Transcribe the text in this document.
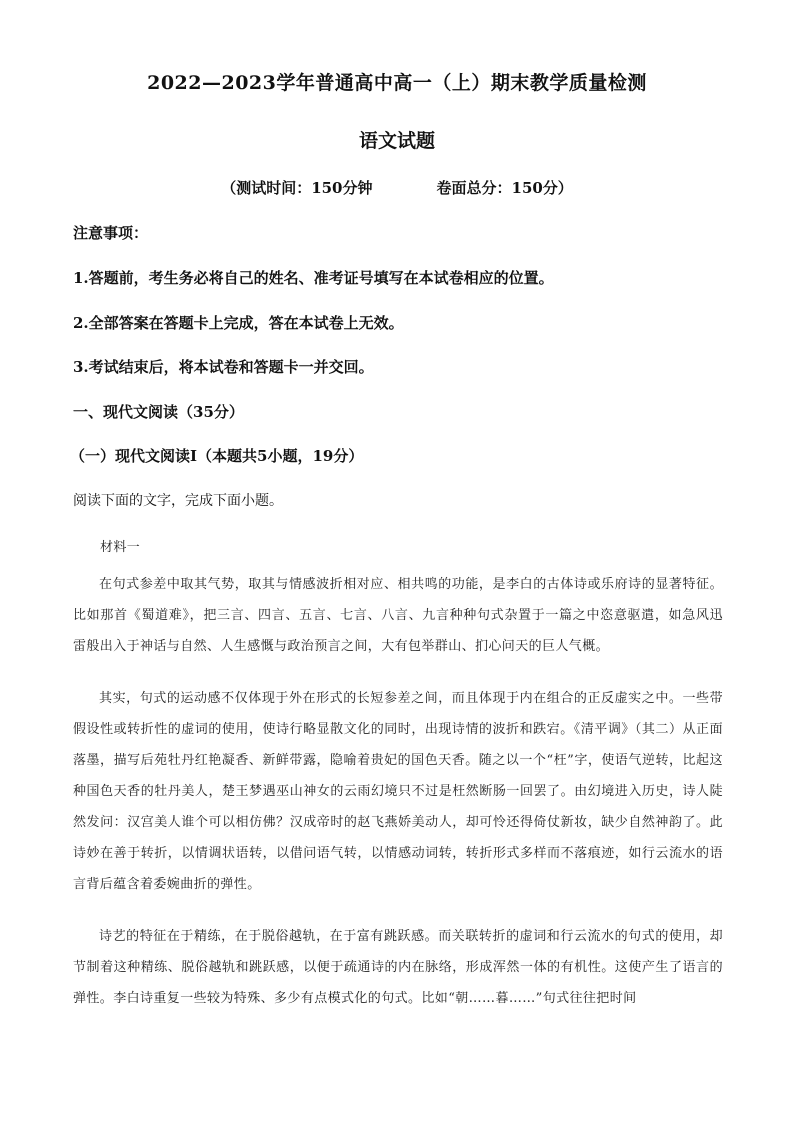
2022—2023学年普通高中高一（上）期末教学质量检测
语文试题
（测试时间：150分钟	卷面总分：150分）
注意事项：
1.答题前，考生务必将自己的姓名、准考证号填写在本试卷相应的位置。
2.全部答案在答题卡上完成，答在本试卷上无效。
3.考试结束后，将本试卷和答题卡一并交回。
一、现代文阅读（35分）
（一）现代文阅读Ⅰ（本题共5小题，19分）
阅读下面的文字，完成下面小题。
材料一

在句式参差中取其气势，取其与情感波折相对应、相共鸣的功能，是李白的古体诗或乐府诗的显著特征。比如那首《蜀道难》，把三言、四言、五言、七言、八言、九言种种句式杂置于一篇之中恣意驱遣，如急风迅雷般出入于神话与自然、人生感慨与政治预言之间，大有包举群山、扪心问天的巨人气概。

其实，句式的运动感不仅体现于外在形式的长短参差之间，而且体现于内在组合的正反虚实之中。一些带假设性或转折性的虚词的使用，使诗行略显散文化的同时，出现诗情的波折和跌宕。《清平调》（其二）从正面落墨，描写后苑牡丹红艳凝香、新鲜带露，隐喻着贵妃的国色天香。随之以一个“枉”字，使语气逆转，比起这种国色天香的牡丹美人，楚王梦遇巫山神女的云雨幻境只不过是枉然断肠一回罢了。由幻境进入历史，诗人陡然发问：汉宫美人谁个可以相仿佛？汉成帝时的赵飞燕娇美动人，却可怜还得倚仗新妆，缺少自然神韵了。此诗妙在善于转折，以情调状语转，以借问语气转，以情感动词转，转折形式多样而不落痕迹，如行云流水的语言背后蕴含着委婉曲折的弹性。

诗艺的特征在于精练，在于脱俗越轨，在于富有跳跃感。而关联转折的虚词和行云流水的句式的使用，却节制着这种精练、脱俗越轨和跳跃感，以便于疏通诗的内在脉络，形成浑然一体的有机性。这使产生了语言的弹性。李白诗重复一些较为特殊、多少有点模式化的句式。比如“朝……暮……”句式往往把时间
